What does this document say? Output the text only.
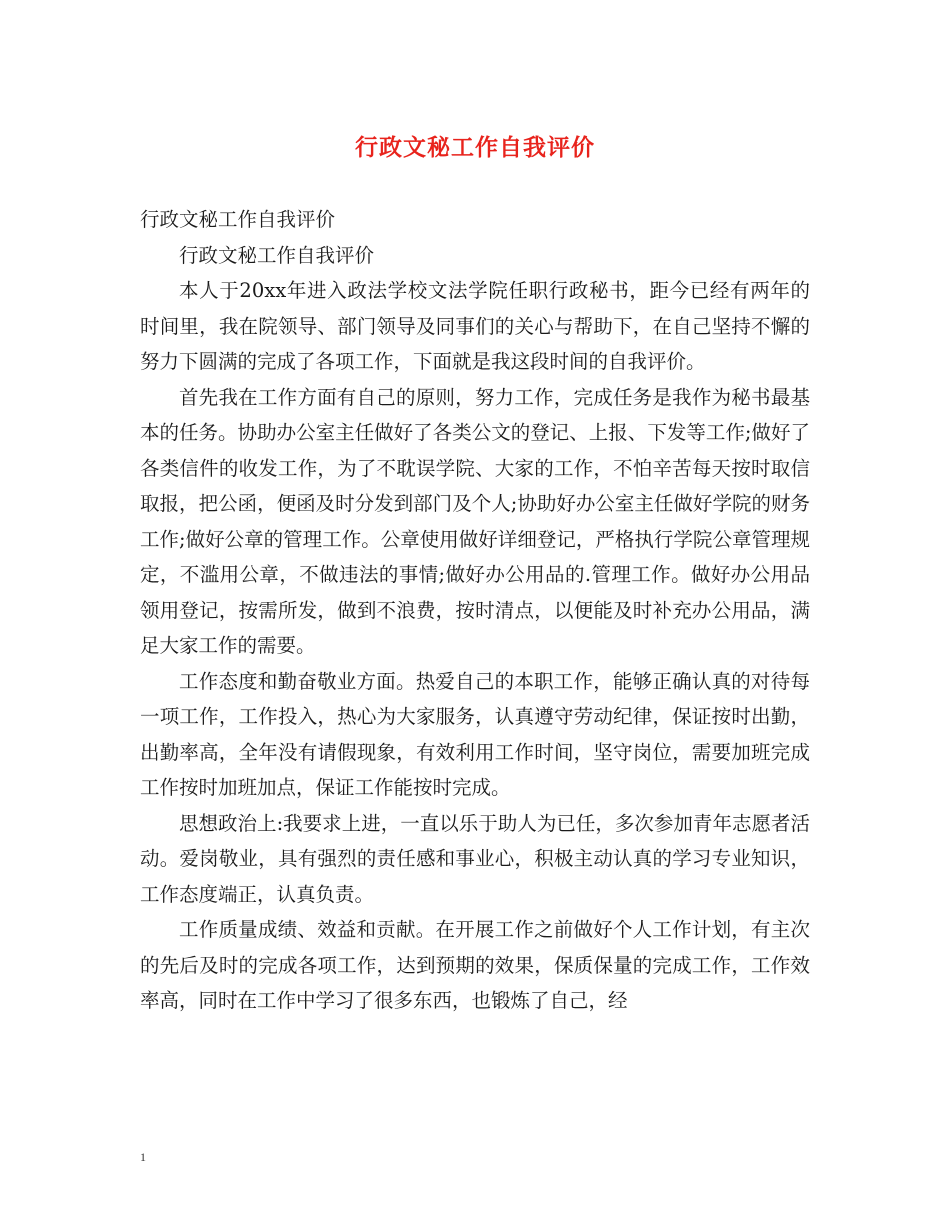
行政文秘工作自我评价

行政文秘工作自我评价

行政文秘工作自我评价

本人于20xx年进入政法学校文法学院任职行政秘书，距今已经有两年的时间里，我在院领导、部门领导及同事们的关心与帮助下，在自己坚持不懈的努力下圆满的完成了各项工作，下面就是我这段时间的自我评价。

首先我在工作方面有自己的原则，努力工作，完成任务是我作为秘书最基本的任务。协助办公室主任做好了各类公文的登记、上报、下发等工作;做好了各类信件的收发工作，为了不耽误学院、大家的工作，不怕辛苦每天按时取信取报，把公函，便函及时分发到部门及个人;协助好办公室主任做好学院的财务工作;做好公章的管理工作。公章使用做好详细登记，严格执行学院公章管理规定，不滥用公章，不做违法的事情;做好办公用品的.管理工作。做好办公用品领用登记，按需所发，做到不浪费，按时清点，以便能及时补充办公用品，满足大家工作的需要。

工作态度和勤奋敬业方面。热爱自己的本职工作，能够正确认真的对待每一项工作，工作投入，热心为大家服务，认真遵守劳动纪律，保证按时出勤，出勤率高，全年没有请假现象，有效利用工作时间，坚守岗位，需要加班完成工作按时加班加点，保证工作能按时完成。

思想政治上:我要求上进，一直以乐于助人为已任，多次参加青年志愿者活动。爱岗敬业，具有强烈的责任感和事业心，积极主动认真的学习专业知识，工作态度端正，认真负责。

工作质量成绩、效益和贡献。在开展工作之前做好个人工作计划，有主次的先后及时的完成各项工作，达到预期的效果，保质保量的完成工作，工作效率高，同时在工作中学习了很多东西，也锻炼了自己，经

1
